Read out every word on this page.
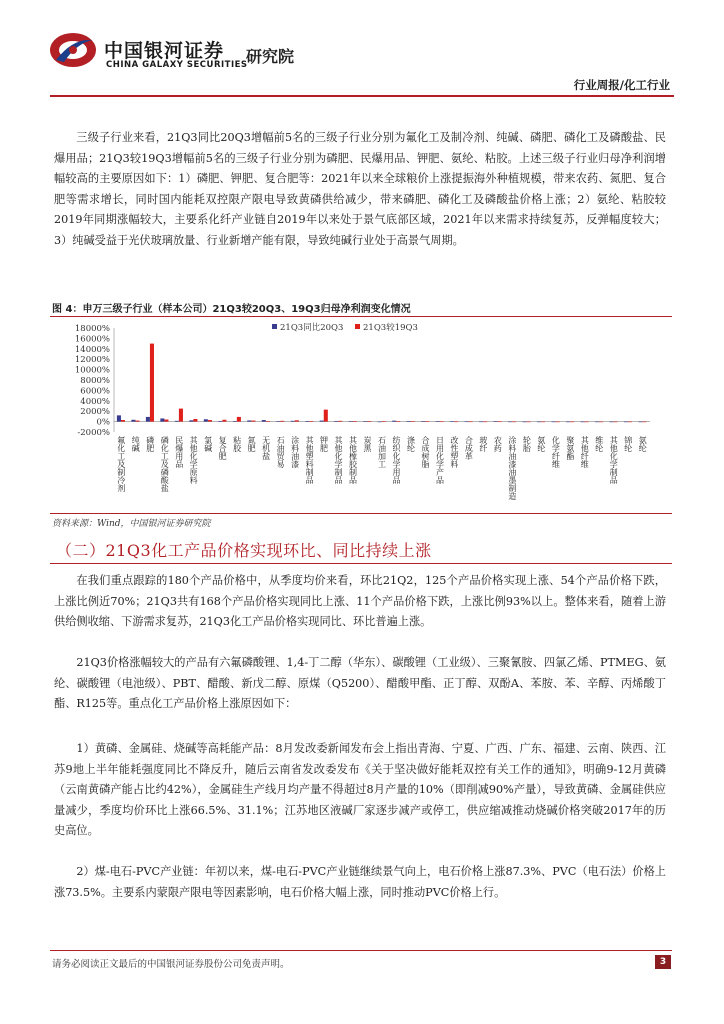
中国银河证券
CHINA GALAXY SECURITIES
研究院
行业周报/化工行业

三级子行业来看，21Q3同比20Q3增幅前5名的三级子行业分别为氟化工及制冷剂、纯碱、磷肥、磷化工及磷酸盐、民爆用品；21Q3较19Q3增幅前5名的三级子行业分别为磷肥、民爆用品、钾肥、氨纶、粘胶。上述三级子行业归母净利润增幅较高的主要原因如下：1）磷肥、钾肥、复合肥等：2021年以来全球粮价上涨提振海外种植规模，带来农药、氮肥、复合肥等需求增长，同时国内能耗双控限产限电导致黄磷供给减少，带来磷肥、磷化工及磷酸盐价格上涨；2）氨纶、粘胶较2019年同期涨幅较大，主要系化纤产业链自2019年以来处于景气底部区域，2021年以来需求持续复苏，反弹幅度较大；3）纯碱受益于光伏玻璃放量、行业新增产能有限，导致纯碱行业处于高景气周期。

图 4：申万三级子行业（样本公司）21Q3较20Q3、19Q3归母净利润变化情况
18000%
16000%
14000%
12000%
10000%
8000%
6000%
4000%
2000%
0%
-2000%
氟化工及制冷剂 纯碱 磷肥 磷化工及磷酸盐 民爆用品 其他化学原料 氯碱 复合肥 粘胶 氮肥 无机盐 石油贸易 涂料油漆 其他塑料制品 钾肥 其他化学制品 其他橡胶制品 炭黑 石油加工 纺织化学用品 涤纶 合成树脂 日用化学产品 改性塑料 合成革 玻纤 农药 涂料油漆油墨制造 轮胎 氨纶 化学纤维 聚氨酯 其他纤维 维纶 其他化学制品 锦纶 氨纶
21Q3同比20Q3 21Q3较19Q3
资料来源：Wind，中国银河证券研究院
（二）21Q3化工产品价格实现环比、同比持续上涨

在我们重点跟踪的180个产品价格中，从季度均价来看，环比21Q2，125个产品价格实现上涨、54个产品价格下跌，上涨比例近70%；21Q3共有168个产品价格实现同比上涨、11个产品价格下跌，上涨比例93%以上。整体来看，随着上游供给侧收缩、下游需求复苏，21Q3化工产品价格实现同比、环比普遍上涨。

21Q3价格涨幅较大的产品有六氟磷酸锂、1,4-丁二醇（华东）、碳酸锂（工业级）、三聚氰胺、四氯乙烯、PTMEG、氨纶、碳酸锂（电池级）、PBT、醋酸、新戊二醇、原煤（Q5200）、醋酸甲酯、正丁醇、双酚A、苯胺、苯、辛醇、丙烯酸丁酯、R125等。重点化工产品价格上涨原因如下：

1）黄磷、金属硅、烧碱等高耗能产品：8月发改委新闻发布会上指出青海、宁夏、广西、广东、福建、云南、陕西、江苏9地上半年能耗强度同比不降反升，随后云南省发改委发布《关于坚决做好能耗双控有关工作的通知》，明确9-12月黄磷（云南黄磷产能占比约42%），金属硅生产线月均产量不得超过8月产量的10%（即削减90%产量），导致黄磷、金属硅供应量减少，季度均价环比上涨66.5%、31.1%；江苏地区液碱厂家逐步减产或停工，供应缩减推动烧碱价格突破2017年的历史高位。

2）煤-电石-PVC产业链：年初以来，煤-电石-PVC产业链继续景气向上，电石价格上涨87.3%、PVC（电石法）价格上涨73.5%。主要系内蒙限产限电等因素影响，电石价格大幅上涨，同时推动PVC价格上行。

请务必阅读正文最后的中国银河证券股份公司免责声明。	3
